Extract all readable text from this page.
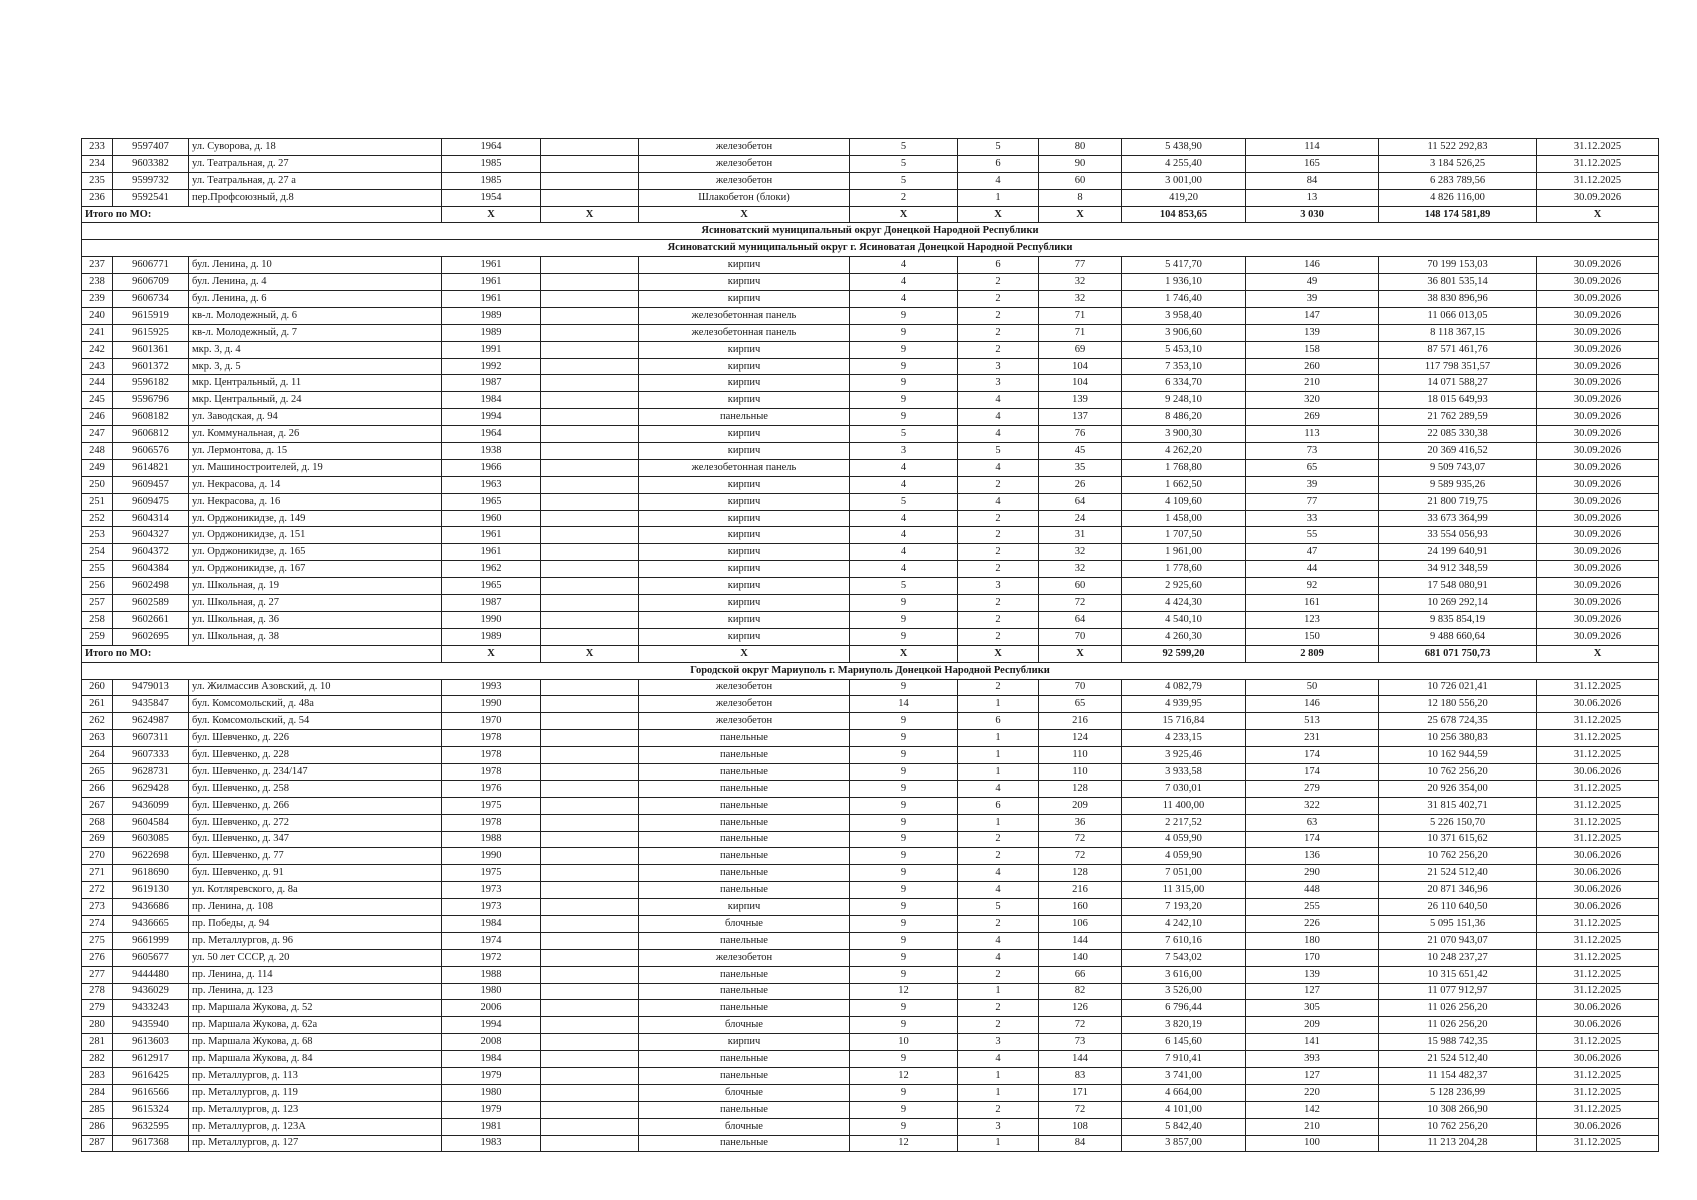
233	9597407	ул. Суворова, д. 18	1964		железобетон	5	5	80	5 438,90	114	11 522 292,83	31.12.2025
234	9603382	ул. Театральная, д. 27	1985		железобетон	5	6	90	4 255,40	165	3 184 526,25	31.12.2025
235	9599732	ул. Театральная, д. 27 а	1985		железобетон	5	4	60	3 001,00	84	6 283 789,56	31.12.2025
236	9592541	пер.Профсоюзный, д.8	1954		Шлакобетон (блоки)	2	1	8	419,20	13	4 826 116,00	30.09.2026
Итого по МО:			X	X	X	X	X	X	104 853,65	3 030	148 174 581,89	X
Ясиноватский муниципальный округ Донецкой Народной Республики												
Ясиноватский муниципальный округ г. Ясиноватая Донецкой Народной Республики												
237	9606771	бул. Ленина, д. 10	1961		кирпич	4	6	77	5 417,70	146	70 199 153,03	30.09.2026
238	9606709	бул. Ленина, д. 4	1961		кирпич	4	2	32	1 936,10	49	36 801 535,14	30.09.2026
239	9606734	бул. Ленина, д. 6	1961		кирпич	4	2	32	1 746,40	39	38 830 896,96	30.09.2026
240	9615919	кв-л. Молодежный, д. 6	1989		железобетонная панель	9	2	71	3 958,40	147	11 066 013,05	30.09.2026
241	9615925	кв-л. Молодежный, д. 7	1989		железобетонная панель	9	2	71	3 906,60	139	8 118 367,15	30.09.2026
242	9601361	мкр. 3, д. 4	1991		кирпич	9	2	69	5 453,10	158	87 571 461,76	30.09.2026
243	9601372	мкр. 3, д. 5	1992		кирпич	9	3	104	7 353,10	260	117 798 351,57	30.09.2026
244	9596182	мкр. Центральный, д. 11	1987		кирпич	9	3	104	6 334,70	210	14 071 588,27	30.09.2026
245	9596796	мкр. Центральный, д. 24	1984		кирпич	9	4	139	9 248,10	320	18 015 649,93	30.09.2026
246	9608182	ул. Заводская, д. 94	1994		панельные	9	4	137	8 486,20	269	21 762 289,59	30.09.2026
247	9606812	ул. Коммунальная, д. 26	1964		кирпич	5	4	76	3 900,30	113	22 085 330,38	30.09.2026
248	9606576	ул. Лермонтова, д. 15	1938		кирпич	3	5	45	4 262,20	73	20 369 416,52	30.09.2026
249	9614821	ул. Машиностроителей, д. 19	1966		железобетонная панель	4	4	35	1 768,80	65	9 509 743,07	30.09.2026
250	9609457	ул. Некрасова, д. 14	1963		кирпич	4	2	26	1 662,50	39	9 589 935,26	30.09.2026
251	9609475	ул. Некрасова, д. 16	1965		кирпич	5	4	64	4 109,60	77	21 800 719,75	30.09.2026
252	9604314	ул. Орджоникидзе, д. 149	1960		кирпич	4	2	24	1 458,00	33	33 673 364,99	30.09.2026
253	9604327	ул. Орджоникидзе, д. 151	1961		кирпич	4	2	31	1 707,50	55	33 554 056,93	30.09.2026
254	9604372	ул. Орджоникидзе, д. 165	1961		кирпич	4	2	32	1 961,00	47	24 199 640,91	30.09.2026
255	9604384	ул. Орджоникидзе, д. 167	1962		кирпич	4	2	32	1 778,60	44	34 912 348,59	30.09.2026
256	9602498	ул. Школьная, д. 19	1965		кирпич	5	3	60	2 925,60	92	17 548 080,91	30.09.2026
257	9602589	ул. Школьная, д. 27	1987		кирпич	9	2	72	4 424,30	161	10 269 292,14	30.09.2026
258	9602661	ул. Школьная, д. 36	1990		кирпич	9	2	64	4 540,10	123	9 835 854,19	30.09.2026
259	9602695	ул. Школьная, д. 38	1989		кирпич	9	2	70	4 260,30	150	9 488 660,64	30.09.2026
Итого по МО:			X	X	X	X	X	X	92 599,20	2 809	681 071 750,73	X
Городской округ Мариуполь г. Мариуполь Донецкой Народной Республики												
260	9479013	ул. Жилмассив Азовский, д. 10	1993		железобетон	9	2	70	4 082,79	50	10 726 021,41	31.12.2025
261	9435847	бул. Комсомольский, д. 48а	1990		железобетон	14	1	65	4 939,95	146	12 180 556,20	30.06.2026
262	9624987	бул. Комсомольский, д. 54	1970		железобетон	9	6	216	15 716,84	513	25 678 724,35	31.12.2025
263	9607311	бул. Шевченко, д. 226	1978		панельные	9	1	124	4 233,15	231	10 256 380,83	31.12.2025
264	9607333	бул. Шевченко, д. 228	1978		панельные	9	1	110	3 925,46	174	10 162 944,59	31.12.2025
265	9628731	бул. Шевченко, д. 234/147	1978		панельные	9	1	110	3 933,58	174	10 762 256,20	30.06.2026
266	9629428	бул. Шевченко, д. 258	1976		панельные	9	4	128	7 030,01	279	20 926 354,00	31.12.2025
267	9436099	бул. Шевченко, д. 266	1975		панельные	9	6	209	11 400,00	322	31 815 402,71	31.12.2025
268	9604584	бул. Шевченко, д. 272	1978		панельные	9	1	36	2 217,52	63	5 226 150,70	31.12.2025
269	9603085	бул. Шевченко, д. 347	1988		панельные	9	2	72	4 059,90	174	10 371 615,62	31.12.2025
270	9622698	бул. Шевченко, д. 77	1990		панельные	9	2	72	4 059,90	136	10 762 256,20	30.06.2026
271	9618690	бул. Шевченко, д. 91	1975		панельные	9	4	128	7 051,00	290	21 524 512,40	30.06.2026
272	9619130	ул. Котляревского, д. 8а	1973		панельные	9	4	216	11 315,00	448	20 871 346,96	30.06.2026
273	9436686	пр. Ленина, д. 108	1973		кирпич	9	5	160	7 193,20	255	26 110 640,50	30.06.2026
274	9436665	пр. Победы, д. 94	1984		блочные	9	2	106	4 242,10	226	5 095 151,36	31.12.2025
275	9661999	пр. Металлургов, д. 96	1974		панельные	9	4	144	7 610,16	180	21 070 943,07	31.12.2025
276	9605677	ул. 50 лет СССР, д. 20	1972		железобетон	9	4	140	7 543,02	170	10 248 237,27	31.12.2025
277	9444480	пр. Ленина, д. 114	1988		панельные	9	2	66	3 616,00	139	10 315 651,42	31.12.2025
278	9436029	пр. Ленина, д. 123	1980		панельные	12	1	82	3 526,00	127	11 077 912,97	31.12.2025
279	9433243	пр. Маршала Жукова, д. 52	2006		панельные	9	2	126	6 796,44	305	11 026 256,20	30.06.2026
280	9435940	пр. Маршала Жукова, д. 62а	1994		блочные	9	2	72	3 820,19	209	11 026 256,20	30.06.2026
281	9613603	пр. Маршала Жукова, д. 68	2008		кирпич	10	3	73	6 145,60	141	15 988 742,35	31.12.2025
282	9612917	пр. Маршала Жукова, д. 84	1984		панельные	9	4	144	7 910,41	393	21 524 512,40	30.06.2026
283	9616425	пр. Металлургов, д. 113	1979		панельные	12	1	83	3 741,00	127	11 154 482,37	31.12.2025
284	9616566	пр. Металлургов, д. 119	1980		блочные	9	1	171	4 664,00	220	5 128 236,99	31.12.2025
285	9615324	пр. Металлургов, д. 123	1979		панельные	9	2	72	4 101,00	142	10 308 266,90	31.12.2025
286	9632595	пр. Металлургов, д. 123А	1981		блочные	9	3	108	5 842,40	210	10 762 256,20	30.06.2026
287	9617368	пр. Металлургов, д. 127	1983		панельные	12	1	84	3 857,00	100	11 213 204,28	31.12.2025
